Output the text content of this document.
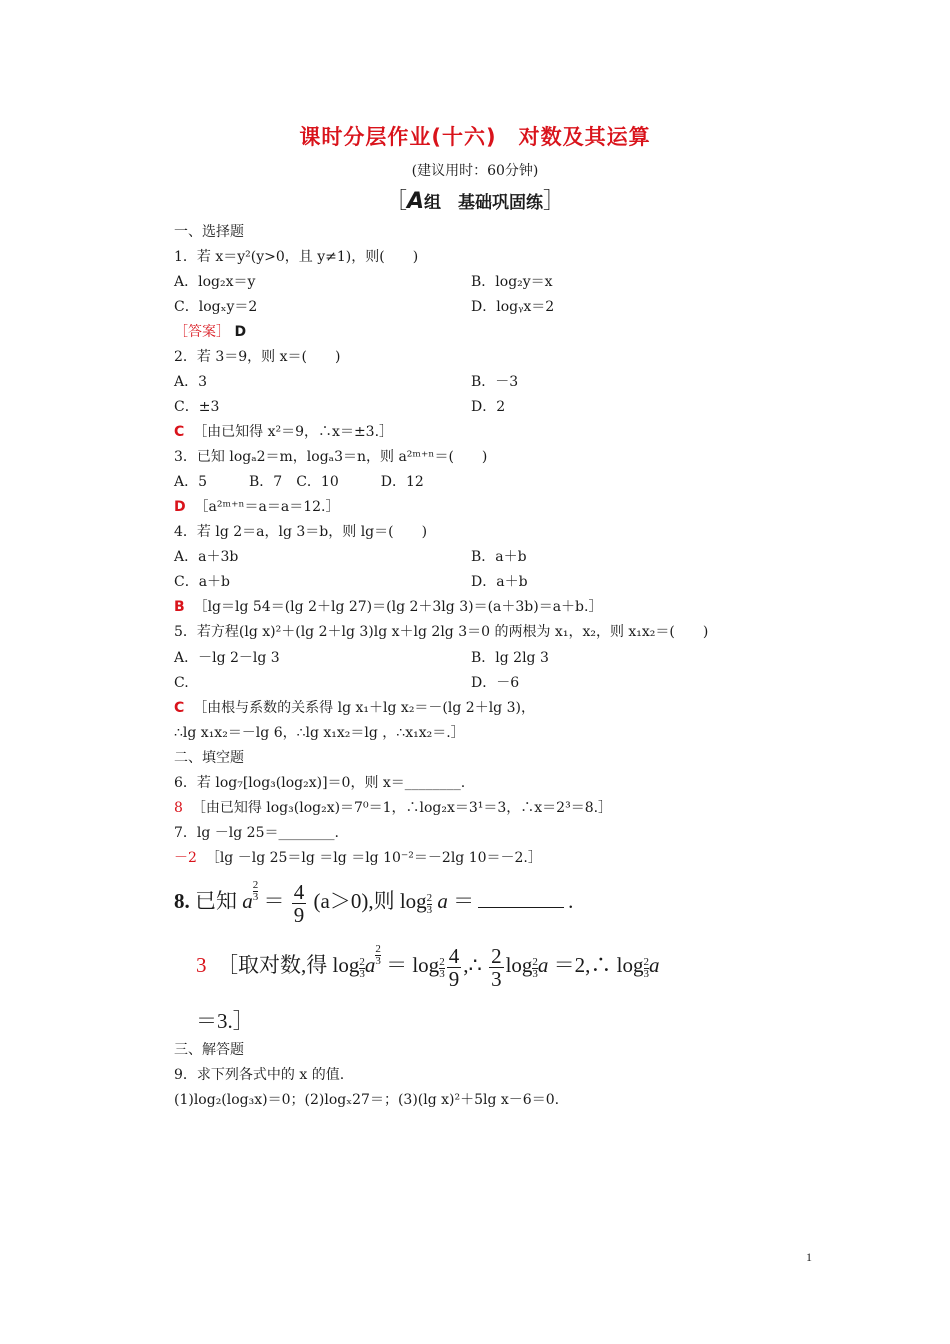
课时分层作业(十六)　对数及其运算
(建议用时：60分钟)
［A组　基础巩固练］
一、选择题
1．若 x＝y²(y>0，且 y≠1)，则(　　)
A．log₂x＝y	B．log₂y＝x
C．logₓy＝2	D．logᵧx＝2
［答案］ D
2．若 3＝9，则 x＝(　　)
A．3	B．－3
C．±3	D．2
C ［由已知得 x²＝9，∴x＝±3.］
3．已知 logₐ2＝m，logₐ3＝n，则 a²ᵐ⁺ⁿ＝(　　)
A．5　　　B．7　C．10　　　D．12
D ［a²ᵐ⁺ⁿ＝a＝a＝12.］
4．若 lg 2＝a，lg 3＝b，则 lg＝(　　)
A．a＋3b	B．a＋b
C．a＋b	D．a＋b
B ［lg＝lg 54＝(lg 2＋lg 27)＝(lg 2＋3lg 3)＝(a＋3b)＝a＋b.］
5．若方程(lg x)²＋(lg 2＋lg 3)lg x＋lg 2lg 3＝0 的两根为 x₁，x₂，则 x₁x₂＝(　　)
A．－lg 2－lg 3	B．lg 2lg 3
C.	D．－6
C ［由根与系数的关系得 lg x₁＋lg x₂＝－(lg 2＋lg 3)，
∴lg x₁x₂＝－lg 6，∴lg x₁x₂＝lg ，∴x₁x₂＝.］
二、填空题
6．若 log₇[log₃(log₂x)]＝0，则 x＝________.
8 ［由已知得 log₃(log₂x)＝7⁰＝1，∴log₂x＝3¹＝3，∴x＝2³＝8.］
7．lg －lg 25＝________.
－2 ［lg －lg 25＝lg ＝lg ＝lg 10⁻²＝－2lg 10＝－2.］
8. 已知 a $\frac{2}{3} = \frac{4}{9} (a>0)$,则 $\log \frac{2}{3}$ a ＝	.
3 ［取对数,得 $\log \frac{2}{3}a \frac{2}{3} = \log \frac{2}{3} \frac{4}{9}$ ,∴ $\frac{2}{3}$ $\log \frac{2}{3}a$ ＝2,∴ $\log \frac{2}{3}a$
＝3.］
三、解答题
9．求下列各式中的 x 的值.
(1)log₂(log₃x)＝0；(2)logₓ27＝；(3)(lg x)²＋5lg x－6＝0.
1
